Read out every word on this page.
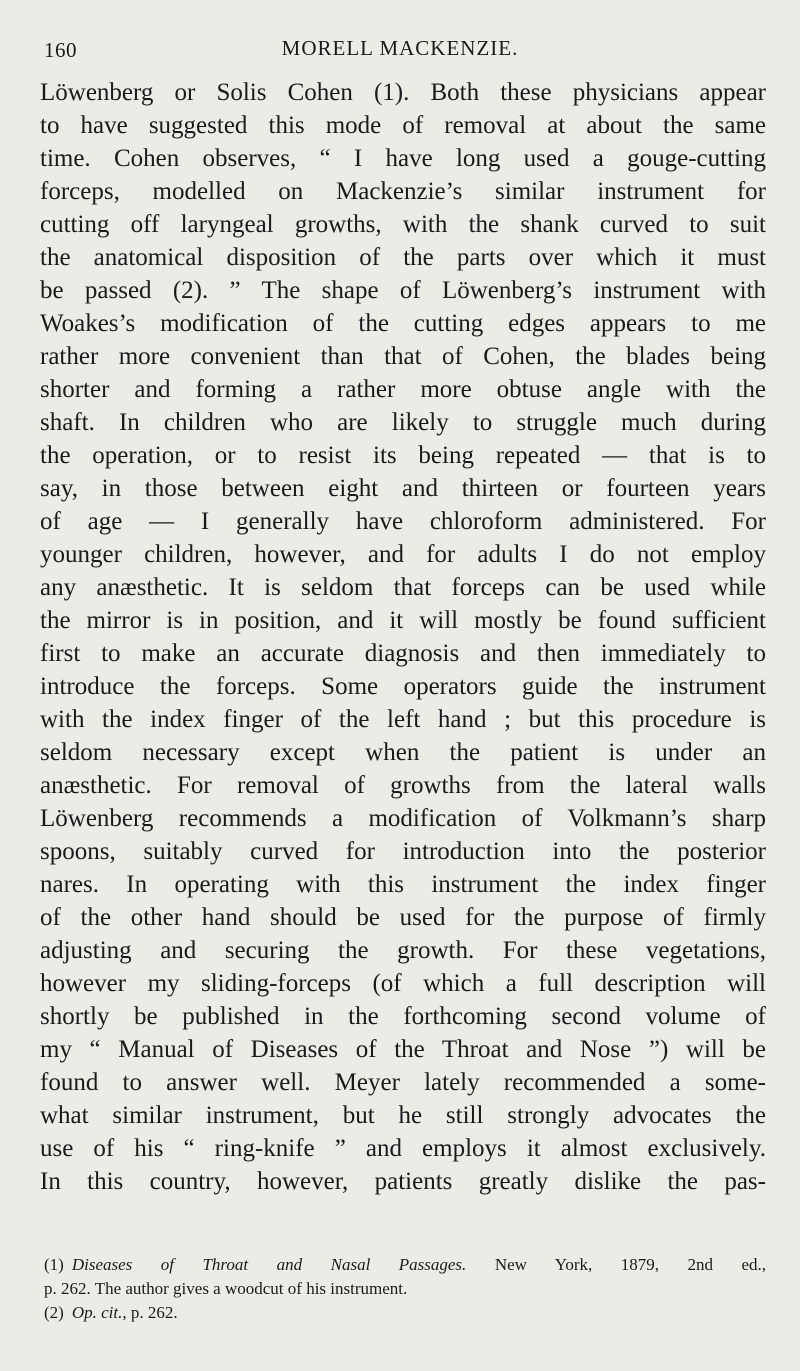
160	MORELL MACKENZIE.
Löwenberg or Solis Cohen (1). Both these physicians appear
to have suggested this mode of removal at about the same
time. Cohen observes, “ I have long used a gouge-cutting
forceps, modelled on Mackenzie’s similar instrument for
cutting off laryngeal growths, with the shank curved to suit
the anatomical disposition of the parts over which it must
be passed (2). ” The shape of Löwenberg’s instrument with
Woakes’s modification of the cutting edges appears to me
rather more convenient than that of Cohen, the blades being
shorter and forming a rather more obtuse angle with the
shaft. In children who are likely to struggle much during
the operation, or to resist its being repeated — that is to
say, in those between eight and thirteen or fourteen years
of age — I generally have chloroform administered. For
younger children, however, and for adults I do not employ
any anæsthetic. It is seldom that forceps can be used while
the mirror is in position, and it will mostly be found sufficient
first to make an accurate diagnosis and then immediately to
introduce the forceps. Some operators guide the instrument
with the index finger of the left hand ; but this procedure is
seldom necessary except when the patient is under an
anæsthetic. For removal of growths from the lateral walls
Löwenberg recommends a modification of Volkmann’s sharp
spoons, suitably curved for introduction into the posterior
nares. In operating with this instrument the index finger
of the other hand should be used for the purpose of firmly
adjusting and securing the growth. For these vegetations,
however my sliding-forceps (of which a full description will
shortly be published in the forthcoming second volume of
my “ Manual of Diseases of the Throat and Nose ”) will be
found to answer well. Meyer lately recommended a some-
what similar instrument, but he still strongly advocates the
use of his “ ring-knife ” and employs it almost exclusively.
In this country, however, patients greatly dislike the pas-
(1) Diseases of Throat and Nasal Passages. New York, 1879, 2nd ed.,
p. 262. The author gives a woodcut of his instrument.
(2) Op. cit., p. 262.
